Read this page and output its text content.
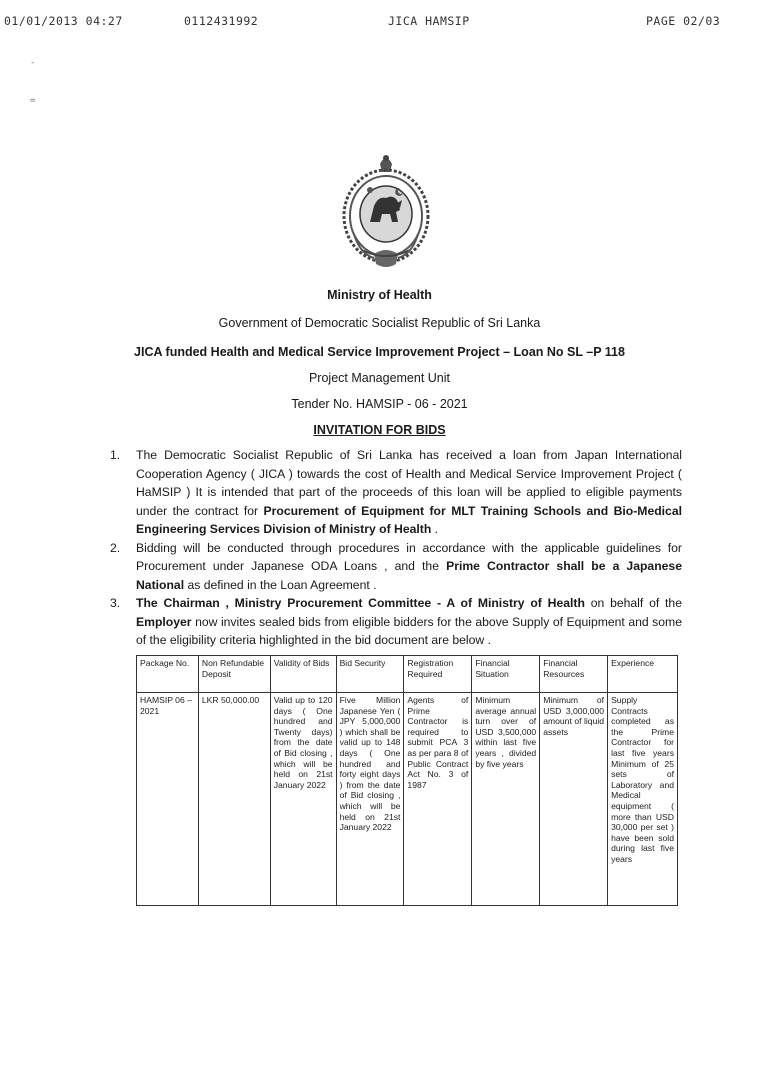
01/01/2013 04:27	0112431992	JICA HAMSIP	PAGE 02/03
-
=
Ministry of Health
Government of Democratic Socialist Republic of Sri Lanka
JICA funded Health and Medical Service Improvement Project – Loan No SL –P 118
Project Management Unit
Tender No. HAMSIP - 06 - 2021
INVITATION FOR BIDS
1. The Democratic Socialist Republic of Sri Lanka has received a loan from Japan International Cooperation Agency ( JICA ) towards the cost of Health and Medical Service Improvement Project ( HaMSIP ) It is intended that part of the proceeds of this loan will be applied to eligible payments under the contract for Procurement of Equipment for MLT Training Schools and Bio-Medical Engineering Services Division of Ministry of Health .
2. Bidding will be conducted through procedures in accordance with the applicable guidelines for Procurement under Japanese ODA Loans , and the Prime Contractor shall be a Japanese National as defined in the Loan Agreement .
3. The Chairman , Ministry Procurement Committee - A of Ministry of Health on behalf of the Employer now invites sealed bids from eligible bidders for the above Supply of Equipment and some of the eligibility criteria highlighted in the bid document are below .
Package No.	Non Refundable Deposit	Validity of Bids	Bid Security	Registration Required	Financial Situation	Financial Resources	Experience
HAMSIP 06 – 2021	LKR 50,000.00	Valid up to 120 days ( One hundred and Twenty days) from the date of Bid closing , which will be held on 21st January 2022	Five Million Japanese Yen ( JPY 5,000,000 ) which shall be valid up to 148 days ( One hundred and forty eight days ) from the date of Bid closing , which will be held on 21st January 2022	Agents of Prime Contractor is required to submit PCA 3 as per para 8 of Public Contract Act No. 3 of 1987	Minimum average annual turn over of USD 3,500,000 within last five years , divided by five years	Minimum of USD 3,000,000 amount of liquid assets	Supply Contracts completed as the Prime Contractor for last five years Minimum of 25 sets of Laboratory and Medical equipment ( more than USD 30,000 per set ) have been sold during last five years
